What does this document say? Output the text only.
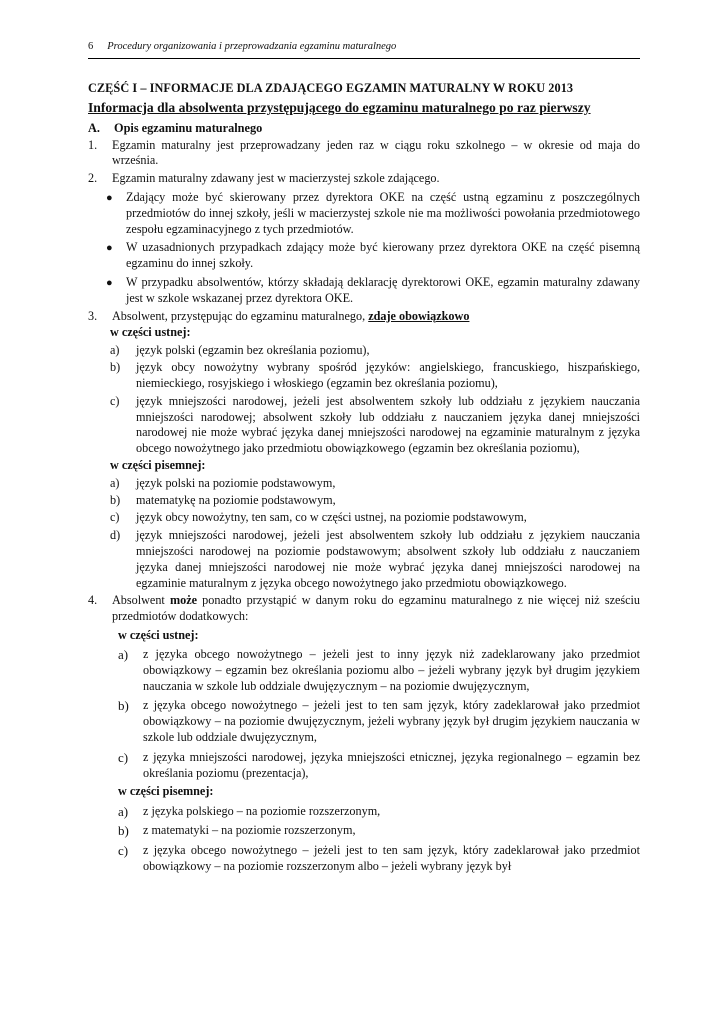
6 Procedury organizowania i przeprowadzania egzaminu maturalnego
CZĘŚĆ I – INFORMACJE DLA ZDAJĄCEGO EGZAMIN MATURALNY W ROKU 2013
Informacja dla absolwenta przystępującego do egzaminu maturalnego po raz pierwszy
A.	Opis egzaminu maturalnego
1.	Egzamin maturalny jest przeprowadzany jeden raz w ciągu roku szkolnego – w okresie od maja do września.
2.	Egzamin maturalny zdawany jest w macierzystej szkole zdającego.
●	Zdający może być skierowany przez dyrektora OKE na część ustną egzaminu z poszczególnych przedmiotów do innej szkoły, jeśli w macierzystej szkole nie ma możliwości powołania przedmiotowego zespołu egzaminacyjnego z tych przedmiotów.
●	W uzasadnionych przypadkach zdający może być kierowany przez dyrektora OKE na część pisemną egzaminu do innej szkoły.
●	W przypadku absolwentów, którzy składają deklarację dyrektorowi OKE, egzamin maturalny zdawany jest w szkole wskazanej przez dyrektora OKE.
3.	Absolwent, przystępując do egzaminu maturalnego, zdaje obowiązkowo
w części ustnej:
a)	język polski (egzamin bez określania poziomu),
b)	język obcy nowożytny wybrany spośród języków: angielskiego, francuskiego, hiszpańskiego, niemieckiego, rosyjskiego i włoskiego (egzamin bez określania poziomu),
c)	język mniejszości narodowej, jeżeli jest absolwentem szkoły lub oddziału z językiem nauczania mniejszości narodowej; absolwent szkoły lub oddziału z nauczaniem języka danej mniejszości narodowej nie może wybrać języka danej mniejszości narodowej na egzaminie maturalnym z języka obcego nowożytnego jako przedmiotu obowiązkowego (egzamin bez określania poziomu),
w części pisemnej:
a)	język polski na poziomie podstawowym,
b)	matematykę na poziomie podstawowym,
c)	język obcy nowożytny, ten sam, co w części ustnej, na poziomie podstawowym,
d)	język mniejszości narodowej, jeżeli jest absolwentem szkoły lub oddziału z językiem nauczania mniejszości narodowej na poziomie podstawowym; absolwent szkoły lub oddziału z nauczaniem języka danej mniejszości narodowej nie może wybrać języka danej mniejszości narodowej na egzaminie maturalnym z języka obcego nowożytnego jako przedmiotu obowiązkowego.
4.	Absolwent może ponadto przystąpić w danym roku do egzaminu maturalnego z nie więcej niż sześciu przedmiotów dodatkowych:
w części ustnej:
a)	z języka obcego nowożytnego – jeżeli jest to inny język niż zadeklarowany jako przedmiot obowiązkowy – egzamin bez określania poziomu albo – jeżeli wybrany język był drugim językiem nauczania w szkole lub oddziale dwujęzycznym – na poziomie dwujęzycznym,
b)	z języka obcego nowożytnego – jeżeli jest to ten sam język, który zadeklarował jako przedmiot obowiązkowy – na poziomie dwujęzycznym, jeżeli wybrany język był drugim językiem nauczania w szkole lub oddziale dwujęzycznym,
c)	z języka mniejszości narodowej, języka mniejszości etnicznej, języka regionalnego – egzamin bez określania poziomu (prezentacja),
w części pisemnej:
a)	z języka polskiego – na poziomie rozszerzonym,
b)	z matematyki – na poziomie rozszerzonym,
c)	z języka obcego nowożytnego – jeżeli jest to ten sam język, który zadeklarował jako przedmiot obowiązkowy – na poziomie rozszerzonym albo – jeżeli wybrany język był
